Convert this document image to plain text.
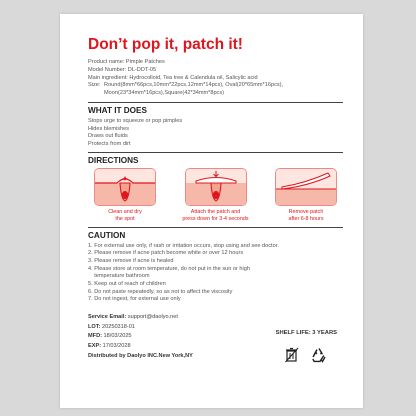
Don’t pop it, patch it!
Product name: Pimple Patches
Model Number: DL-DDT-05
Main ingredient: Hydrocolloid, Tea tree & Calendula oil, Salicylic acid
Size: Round(8mm*66pcs,10mm*22pcs,12mm*14pcs), Oval(20*65mm*16pcs), Moon(23*34mm*16pcs),Square(42*34mm*8pcs)
WHAT IT DOES
Stops urge to squeeze or pop pimples
Hides blemishes
Draws out fluids
Protects from dirt
DIRECTIONS
Clean and dry
the spot
Attach the patch and
press down for 3-4 seconds
Remove patch
after 6-8 hours
CAUTION
1. For external use only, if rash or irritation occurs, stop using and see doctor.
2. Please remove if acne patch become white or over 12 hours
3. Please remove if acne is healed
4. Please store at room temperature, do not put in the sun or high
temperature bathroom
5. Keep out of reach of children
6. Do not paste repeatedly, so as not to affect the viscosity
7. Do not ingest, for external use only
Service Email: support@daolyo.net
LOT: 20250318-01
MFD: 18/03/2025
EXP: 17/03/2028
Distributed by Daolyo INC.New York,NY
SHELF LIFE: 3 YEARS
